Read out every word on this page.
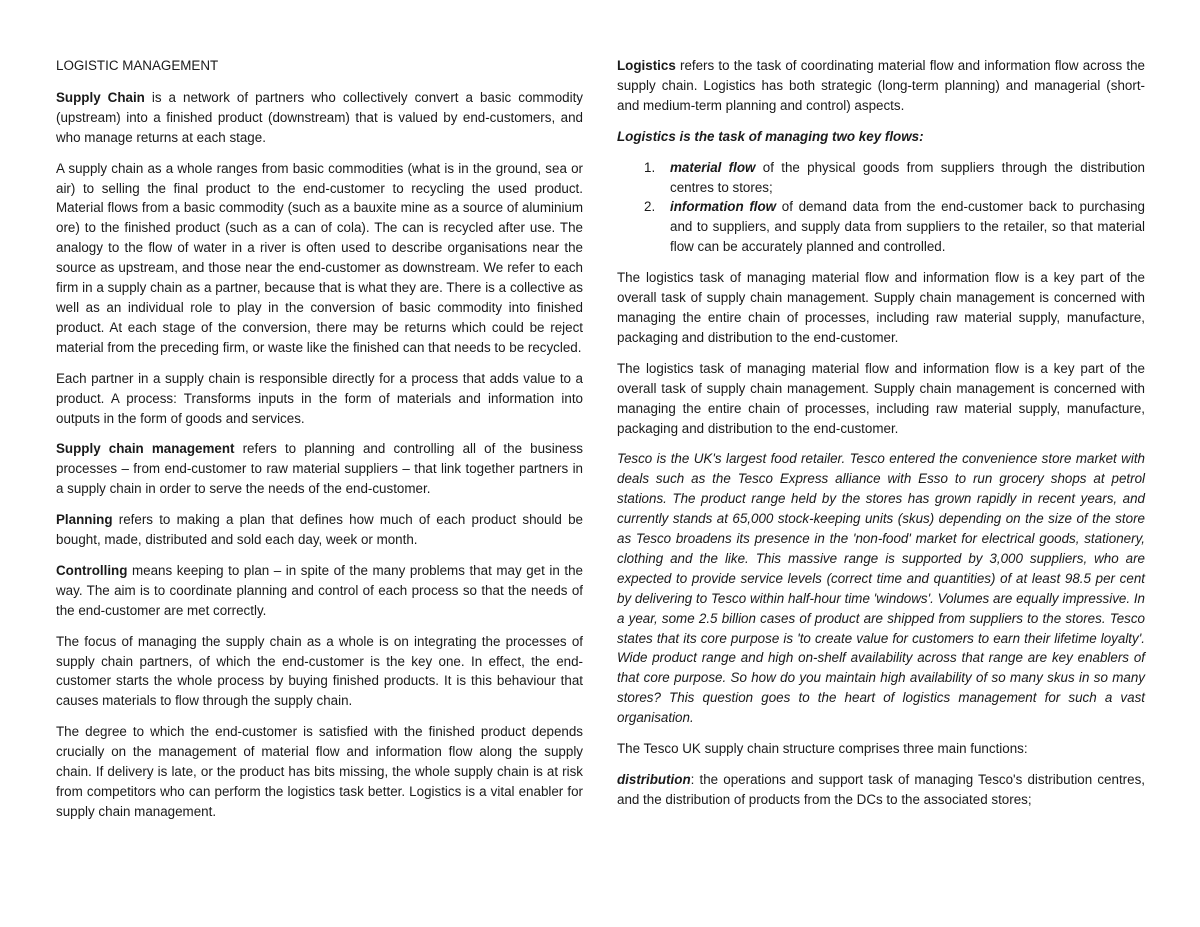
LOGISTIC MANAGEMENT

Supply Chain is a network of partners who collectively convert a basic commodity (upstream) into a finished product (downstream) that is valued by end-customers, and who manage returns at each stage.

A supply chain as a whole ranges from basic commodities (what is in the ground, sea or air) to selling the final product to the end-customer to recycling the used product. Material flows from a basic commodity (such as a bauxite mine as a source of aluminium ore) to the finished product (such as a can of cola). The can is recycled after use. The analogy to the flow of water in a river is often used to describe organisations near the source as upstream, and those near the end-customer as downstream. We refer to each firm in a supply chain as a partner, because that is what they are. There is a collective as well as an individual role to play in the conversion of basic commodity into finished product. At each stage of the conversion, there may be returns which could be reject material from the preceding firm, or waste like the finished can that needs to be recycled.

Each partner in a supply chain is responsible directly for a process that adds value to a product. A process: Transforms inputs in the form of materials and information into outputs in the form of goods and services.

Supply chain management refers to planning and controlling all of the business processes – from end-customer to raw material suppliers – that link together partners in a supply chain in order to serve the needs of the end-customer.

Planning refers to making a plan that defines how much of each product should be bought, made, distributed and sold each day, week or month.

Controlling means keeping to plan – in spite of the many problems that may get in the way. The aim is to coordinate planning and control of each process so that the needs of the end-customer are met correctly.

The focus of managing the supply chain as a whole is on integrating the processes of supply chain partners, of which the end-customer is the key one. In effect, the end-customer starts the whole process by buying finished products. It is this behaviour that causes materials to flow through the supply chain.

The degree to which the end-customer is satisfied with the finished product depends crucially on the management of material flow and information flow along the supply chain. If delivery is late, or the product has bits missing, the whole supply chain is at risk from competitors who can perform the logistics task better. Logistics is a vital enabler for supply chain management.

Logistics refers to the task of coordinating material flow and information flow across the supply chain. Logistics has both strategic (long-term planning) and managerial (short- and medium-term planning and control) aspects.

Logistics is the task of managing two key flows:

1. material flow of the physical goods from suppliers through the distribution centres to stores;
2. information flow of demand data from the end-customer back to purchasing and to suppliers, and supply data from suppliers to the retailer, so that material flow can be accurately planned and controlled.

The logistics task of managing material flow and information flow is a key part of the overall task of supply chain management. Supply chain management is concerned with managing the entire chain of processes, including raw material supply, manufacture, packaging and distribution to the end-customer.

The logistics task of managing material flow and information flow is a key part of the overall task of supply chain management. Supply chain management is concerned with managing the entire chain of processes, including raw material supply, manufacture, packaging and distribution to the end-customer.

Tesco is the UK's largest food retailer. Tesco entered the convenience store market with deals such as the Tesco Express alliance with Esso to run grocery shops at petrol stations. The product range held by the stores has grown rapidly in recent years, and currently stands at 65,000 stock-keeping units (skus) depending on the size of the store as Tesco broadens its presence in the 'non-food' market for electrical goods, stationery, clothing and the like. This massive range is supported by 3,000 suppliers, who are expected to provide service levels (correct time and quantities) of at least 98.5 per cent by delivering to Tesco within half-hour time 'windows'. Volumes are equally impressive. In a year, some 2.5 billion cases of product are shipped from suppliers to the stores. Tesco states that its core purpose is 'to create value for customers to earn their lifetime loyalty'. Wide product range and high on-shelf availability across that range are key enablers of that core purpose. So how do you maintain high availability of so many skus in so many stores? This question goes to the heart of logistics management for such a vast organisation.

The Tesco UK supply chain structure comprises three main functions:

distribution: the operations and support task of managing Tesco's distribution centres, and the distribution of products from the DCs to the associated stores;
